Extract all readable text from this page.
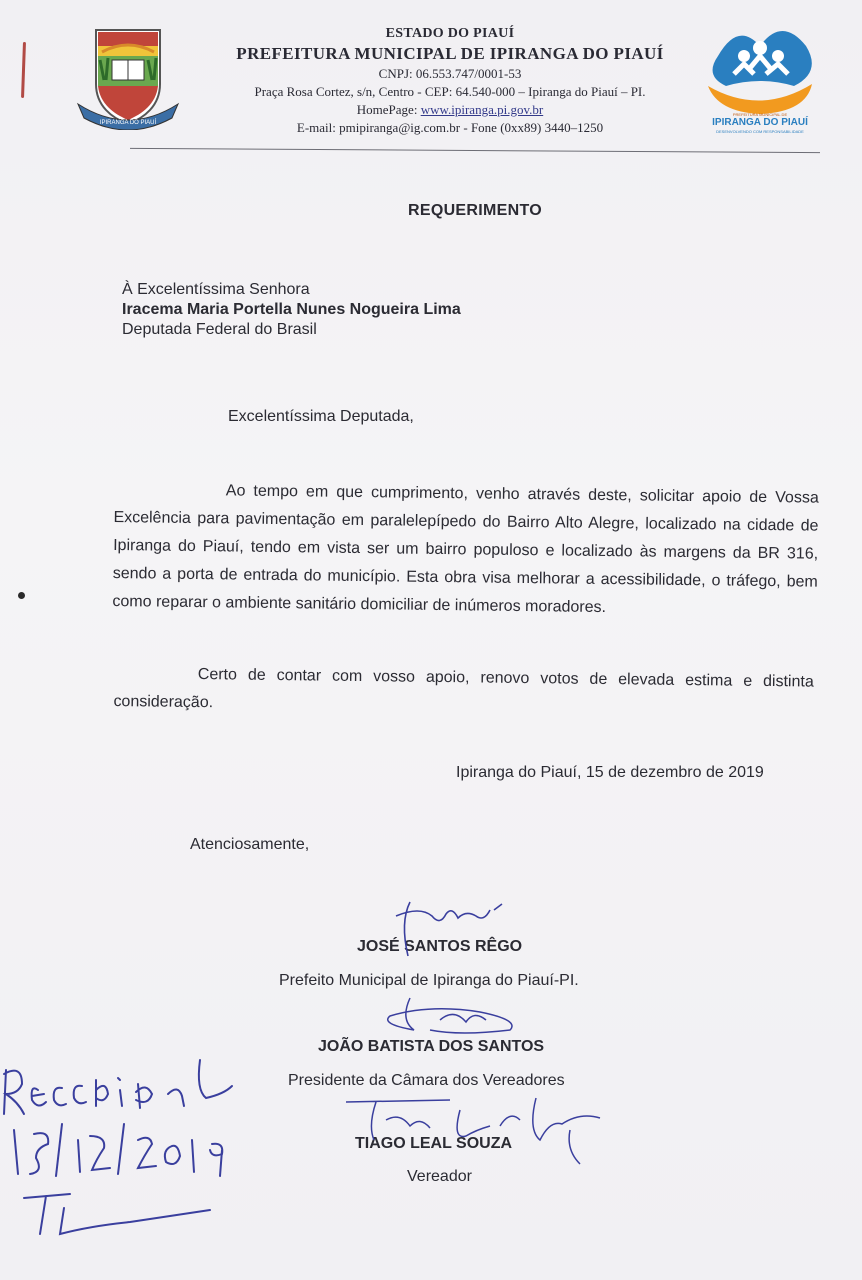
IPIRANGA DO PIAUÍ
ESTADO DO PIAUÍ
PREFEITURA MUNICIPAL DE IPIRANGA DO PIAUÍ
CNPJ: 06.553.747/0001-53
Praça Rosa Cortez, s/n, Centro - CEP: 64.540-000 – Ipiranga do Piauí – PI.
HomePage: www.ipiranga.pi.gov.br
E-mail: pmipiranga@ig.com.br - Fone (0xx89) 3440–1250
PREFEITURA MUNICIPAL DE
IPIRANGA DO PIAUÍ
DESENVOLVENDO COM RESPONSABILIDADE
REQUERIMENTO
À Excelentíssima Senhora
Iracema Maria Portella Nunes Nogueira Lima
Deputada Federal do Brasil
Excelentíssima Deputada,
Ao tempo em que cumprimento, venho através deste, solicitar apoio de Vossa Excelência para pavimentação em paralelepípedo do Bairro Alto Alegre, localizado na cidade de Ipiranga do Piauí, tendo em vista ser um bairro populoso e localizado às margens da BR 316, sendo a porta de entrada do município. Esta obra visa melhorar a acessibilidade, o tráfego, bem como reparar o ambiente sanitário domiciliar de inúmeros moradores.
Certo de contar com vosso apoio, renovo votos de elevada estima e distinta consideração.
Ipiranga do Piauí, 15 de dezembro de 2019
Atenciosamente,
JOSÉ SANTOS RÊGO
Prefeito Municipal de Ipiranga do Piauí-PI.
JOÃO BATISTA DOS SANTOS
Presidente da Câmara dos Vereadores
TIAGO LEAL SOUZA
Vereador
